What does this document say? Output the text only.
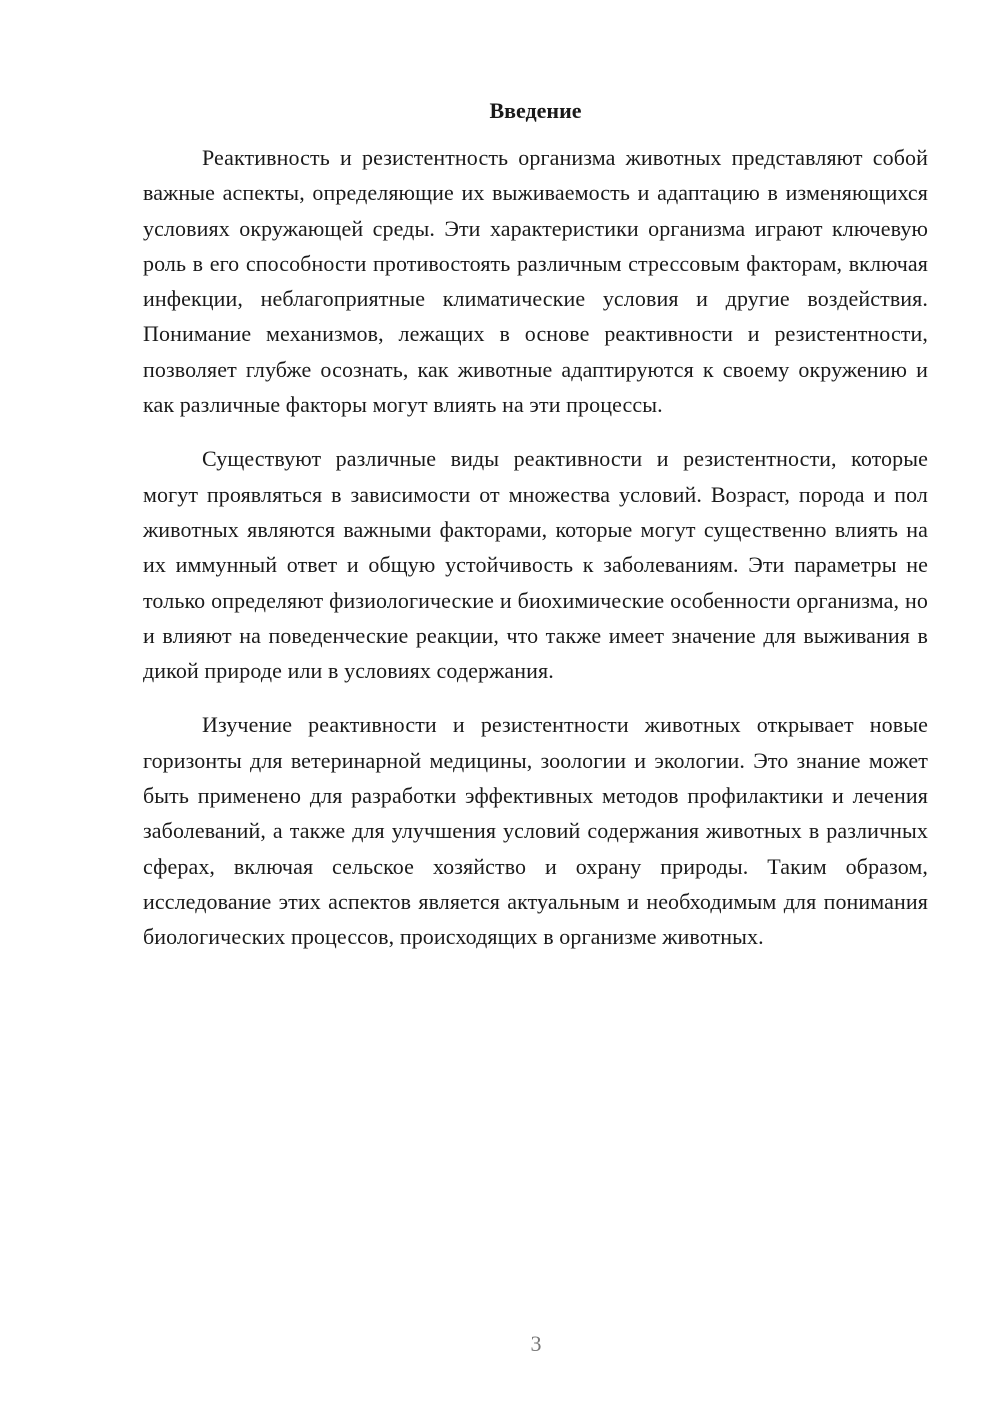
Введение

Реактивность и резистентность организма животных представляют собой важные аспекты, определяющие их выживаемость и адаптацию в изменяющихся условиях окружающей среды. Эти характеристики организма играют ключевую роль в его способности противостоять различным стрессовым факторам, включая инфекции, неблагоприятные климатические условия и другие воздействия. Понимание механизмов, лежащих в основе реактивности и резистентности, позволяет глубже осознать, как животные адаптируются к своему окружению и как различные факторы могут влиять на эти процессы.

Существуют различные виды реактивности и резистентности, которые могут проявляться в зависимости от множества условий. Возраст, порода и пол животных являются важными факторами, которые могут существенно влиять на их иммунный ответ и общую устойчивость к заболеваниям. Эти параметры не только определяют физиологические и биохимические особенности организма, но и влияют на поведенческие реакции, что также имеет значение для выживания в дикой природе или в условиях содержания.

Изучение реактивности и резистентности животных открывает новые горизонты для ветеринарной медицины, зоологии и экологии. Это знание может быть применено для разработки эффективных методов профилактики и лечения заболеваний, а также для улучшения условий содержания животных в различных сферах, включая сельское хозяйство и охрану природы. Таким образом, исследование этих аспектов является актуальным и необходимым для понимания биологических процессов, происходящих в организме животных.

3
